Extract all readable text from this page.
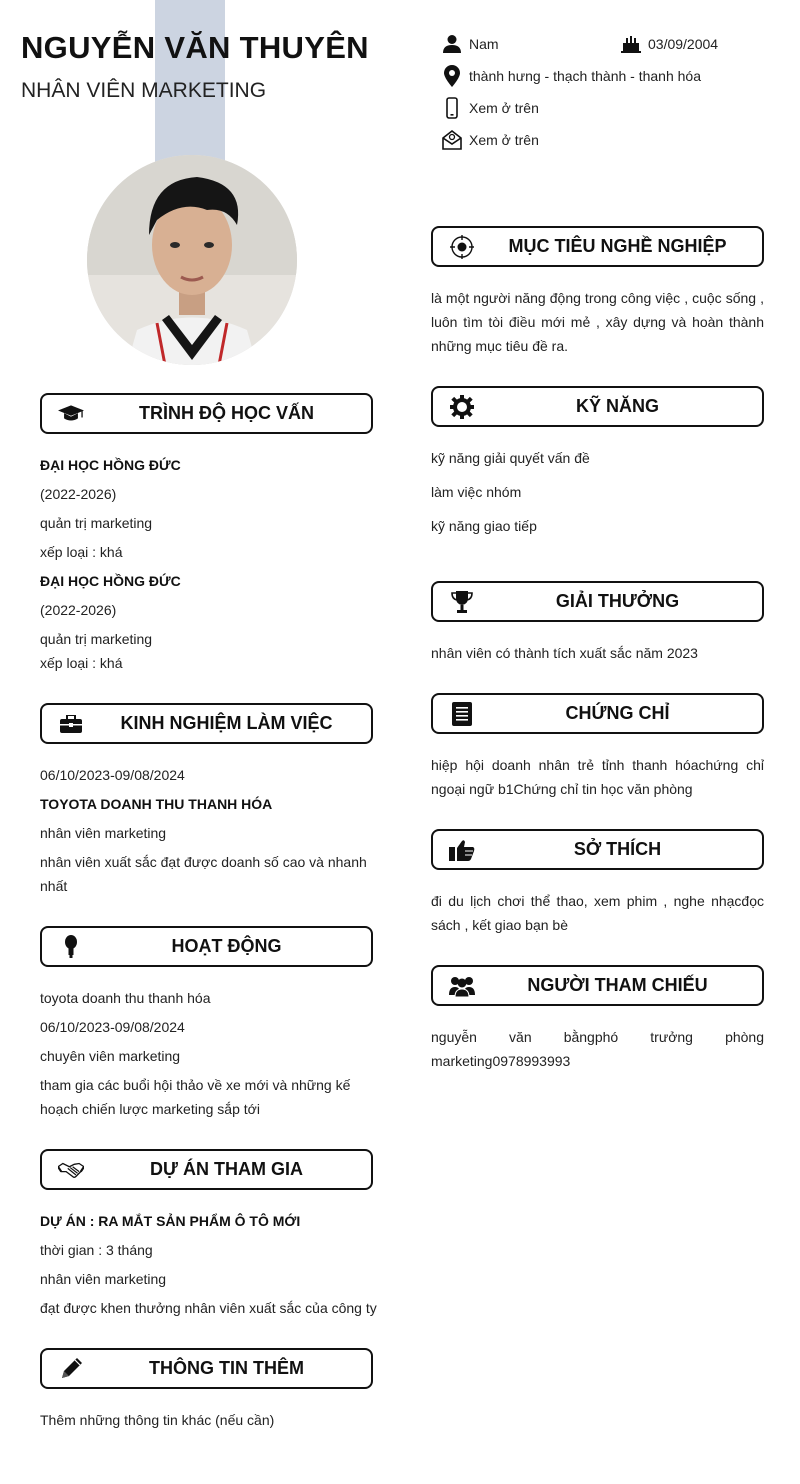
NGUYỄN VĂN THUYÊN
NHÂN VIÊN MARKETING
Nam	03/09/2004
thành hưng - thạch thành - thanh hóa
Xem ở trên
Xem ở trên
TRÌNH ĐỘ HỌC VẤN
ĐẠI HỌC HỒNG ĐỨC
(2022-2026)
quản trị marketing
xếp loại : khá
ĐẠI HỌC HỒNG ĐỨC
(2022-2026)
quản trị marketing
xếp loại : khá
KINH NGHIỆM LÀM VIỆC
06/10/2023-09/08/2024
TOYOTA DOANH THU THANH HÓA
nhân viên marketing
nhân viên xuất sắc đạt được doanh số cao và nhanh nhất
HOẠT ĐỘNG
toyota doanh thu thanh hóa
06/10/2023-09/08/2024
chuyên viên marketing
tham gia các buổi hội thảo về xe mới và những kế hoạch chiến lược marketing sắp tới
DỰ ÁN THAM GIA
DỰ ÁN : RA MẮT SẢN PHẨM Ô TÔ MỚI
thời gian : 3 tháng
nhân viên marketing
đạt được khen thưởng nhân viên xuất sắc của công ty
THÔNG TIN THÊM
Thêm những thông tin khác (nếu cần)
MỤC TIÊU NGHỀ NGHIỆP
là một người năng động trong công việc , cuộc sống , luôn tìm tòi điều mới mẻ , xây dựng và hoàn thành những mục tiêu đề ra.
KỸ NĂNG
kỹ năng giải quyết vấn đề
làm việc nhóm
kỹ năng giao tiếp
GIẢI THƯỞNG
nhân viên có thành tích xuất sắc năm 2023
CHỨNG CHỈ
hiệp hội doanh nhân trẻ tỉnh thanh hóachứng chỉ ngoại ngữ b1Chứng chỉ tin học văn phòng
SỞ THÍCH
đi du lịch chơi thể thao, xem phim , nghe nhạcđọc sách , kết giao bạn bè
NGƯỜI THAM CHIẾU
nguyễn văn bằngphó trưởng phòng marketing0978993993
